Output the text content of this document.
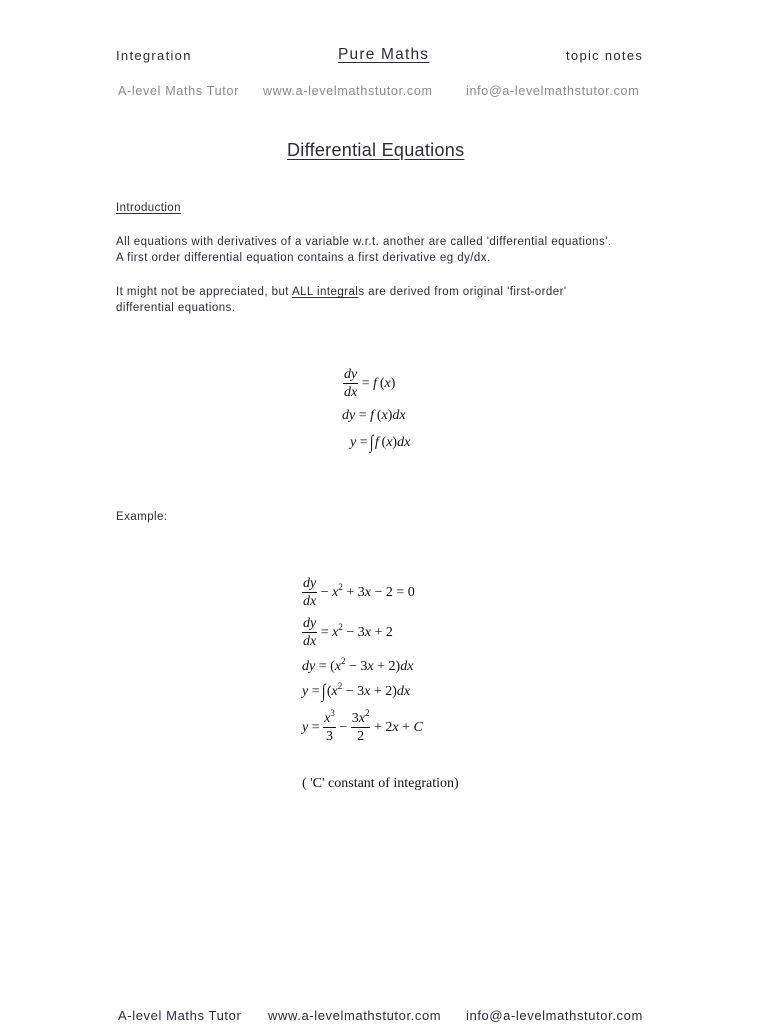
Integration	Pure Maths	topic notes
A-level Maths Tutor www.a-levelmathstutor.com	info@a-levelmathstutor.com
Differential Equations
Introduction
All equations with derivatives of a variable w.r.t. another are called 'differential equations'.
A first order differential equation contains a first derivative eg dy/dx.
It might not be appreciated, but ALL integrals are derived from original 'first-order'
differential equations.
$\frac{dy}{dx} = f$ (x)
dy = f (x)dx
y = ∫ f (x)dx
Example:
$\frac{dy}{dx} - x^2 + 3x - 2 = 0$
$\frac{dy}{dx} = x^2 - 3x + 2$
dy = $(x^2 - 3x + 2)dx$
y = ∫ $(x^2 - 3x + 2)dx$
$y = \frac{x^3}{3} - \frac{3x^2}{2} + 2x + C$
( 'C' constant of integration)
A-level Maths Tutor www.a-levelmathstutor.com info@a-levelmathstutor.com
